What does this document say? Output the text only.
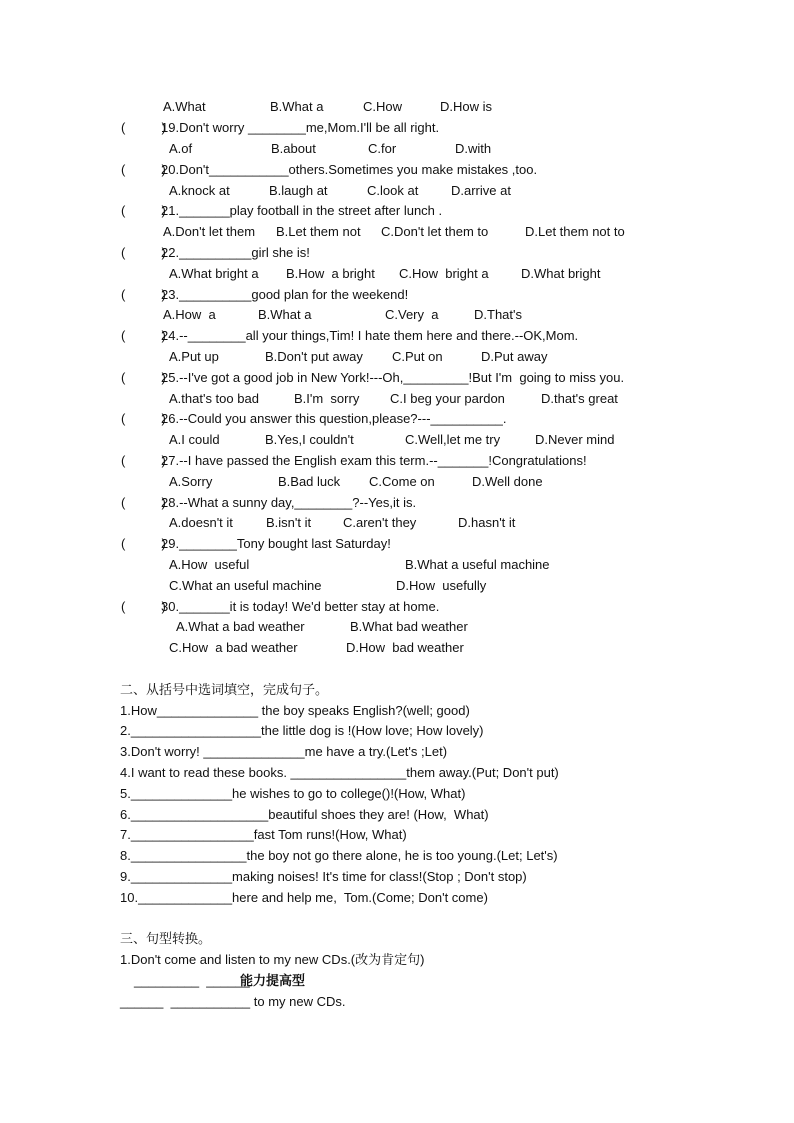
A.What	B.What a	C.How	D.How is
(          )
19.Don't worry ________me,Mom.I'll be all right.
A.of	B.about	C.for	D.with
(          )
20.Don't___________others.Sometimes you make mistakes ,too.
A.knock at	B.laugh at	C.look at	D.arrive at
(          )
21._______play football in the street after lunch .
A.Don't let them B.Let them not C.Don't let them to	D.Let them not to
(          )
22.__________girl she is!
A.What bright a B.How  a bright C.How  bright a D.What bright
(          )
23.__________good plan for the weekend!
A.How  a	B.What a	C.Very  a	D.That's
(          )
24.--________all your things,Tim! I hate them here and there.--OK,Mom.
A.Put up	B.Don't put away C.Put on	D.Put away
(          )
25.--I've got a good job in New York!---Oh,_________!But I'm  going to miss you.
A.that's too bad	B.I'm  sorry C.I beg your pardon	D.that's great
(          )
26.--Could you answer this question,please?---__________.
A.I could	B.Yes,I couldn't	C.Well,let me try	D.Never mind
(          )
27.--I have passed the English exam this term.--_______!Congratulations!
A.Sorry	B.Bad luck C.Come on	D.Well done
(          )
28.--What a sunny day,________?--Yes,it is.
A.doesn't it	B.isn't it C.aren't they	D.hasn't it
(          )
29.________Tony bought last Saturday!
A.How  useful	B.What a useful machine
C.What an useful machine	D.How  usefully
(          )
30._______it is today! We'd better stay at home.
A.What a bad weather	B.What bad weather
C.How  a bad weather	D.How  bad weather
二、从括号中选词填空，完成句子。
1.How______________ the boy speaks English?(well; good)
2.__________________the little dog is !(How love; How lovely)
3.Don't worry! ______________me have a try.(Let's ;Let)
4.I want to read these books. ________________them away.(Put; Don't put)
5.______________he wishes to go to college()!(How, What)
6.___________________beautiful shoes they are! (How,  What)
7._________________fast Tom runs!(How, What)
8.________________the boy not go there alone, he is too young.(Let; Let's)
9.______________making noises! It's time for class!(Stop ; Don't stop)
10._____________here and help me,  Tom.(Come; Don't come)
三、句型转换。
1.Don't come and listen to my new CDs.(改为肯定句)
_________  ______
能力提高型
______  ___________ to my new CDs.
